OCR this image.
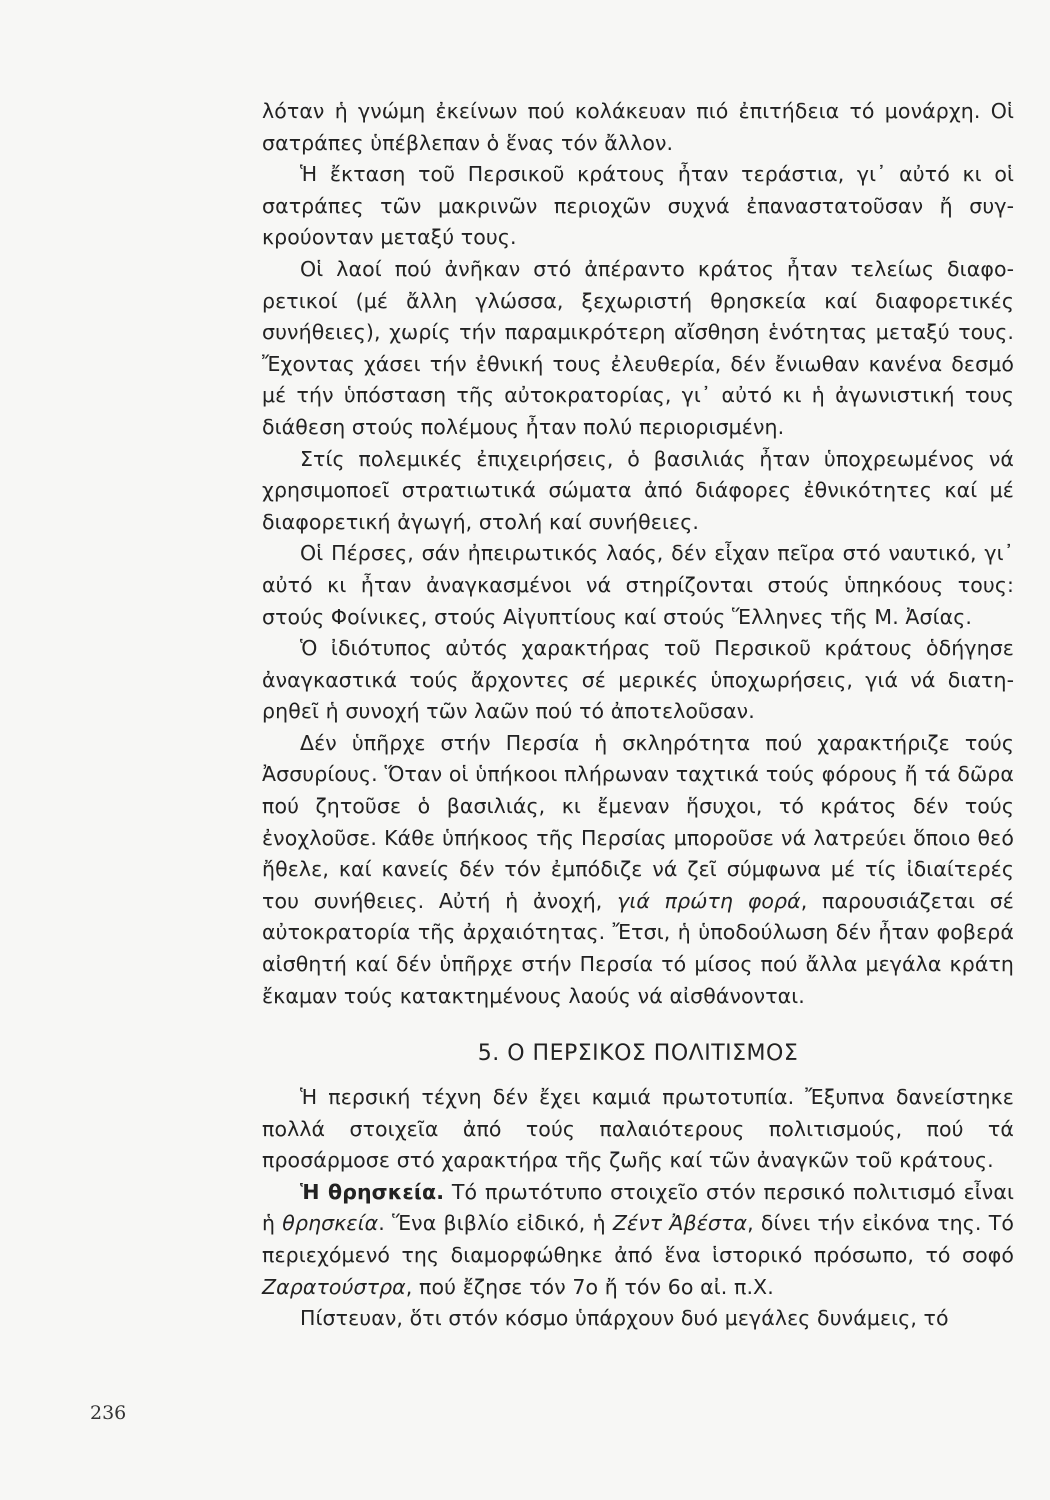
λόταν ἡ γνώμη ἐκείνων πού κολάκευαν πιό ἐπιτήδεια τό μονάρχη. Οἱ σατράπες ὑπέβλεπαν ὁ ἕνας τόν ἄλλον.

Ἡ ἔκταση τοῦ Περσικοῦ κράτους ἦταν τεράστια, γι᾽ αὐτό κι οἱ σατράπες τῶν μακρινῶν περιοχῶν συχνά ἐπαναστατοῦσαν ἤ συγκρούονταν μεταξύ τους.

Οἱ λαοί πού ἀνῆκαν στό ἀπέραντο κράτος ἦταν τελείως διαφορετικοί (μέ ἄλλη γλώσσα, ξεχωριστή θρησκεία καί διαφορετικές συνήθειες), χωρίς τήν παραμικρότερη αἴσθηση ἑνότητας μεταξύ τους. Ἔχοντας χάσει τήν ἐθνική τους ἐλευθερία, δέν ἔνιωθαν κανένα δεσμό μέ τήν ὑπόσταση τῆς αὐτοκρατορίας, γι᾽ αὐτό κι ἡ ἀγωνιστική τους διάθεση στούς πολέμους ἦταν πολύ περιορισμένη.

Στίς πολεμικές ἐπιχειρήσεις, ὁ βασιλιάς ἦταν ὑποχρεωμένος νά χρησιμοποεῖ στρατιωτικά σώματα ἀπό διάφορες ἐθνικότητες καί μέ διαφορετική ἀγωγή, στολή καί συνήθειες.

Οἱ Πέρσες, σάν ἠπειρωτικός λαός, δέν εἶχαν πεῖρα στό ναυτικό, γι᾽ αὐτό κι ἦταν ἀναγκασμένοι νά στηρίζονται στούς ὑπηκόους τους: στούς Φοίνικες, στούς Αἰγυπτίους καί στούς Ἕλληνες τῆς Μ. Ἀσίας.

Ὁ ἰδιότυπος αὐτός χαρακτήρας τοῦ Περσικοῦ κράτους ὁδήγησε ἀναγκαστικά τούς ἄρχοντες σέ μερικές ὑποχωρήσεις, γιά νά διατηρηθεῖ ἡ συνοχή τῶν λαῶν πού τό ἀποτελοῦσαν.

Δέν ὑπῆρχε στήν Περσία ἡ σκληρότητα πού χαρακτήριζε τούς Ἀσσυρίους. Ὅταν οἱ ὑπήκοοι πλήρωναν ταχτικά τούς φόρους ἤ τά δῶρα πού ζητοῦσε ὁ βασιλιάς, κι ἔμεναν ἥσυχοι, τό κράτος δέν τούς ἐνοχλοῦσε. Κάθε ὑπήκοος τῆς Περσίας μποροῦσε νά λατρεύει ὅποιο θεό ἤθελε, καί κανείς δέν τόν ἐμπόδιζε νά ζεῖ σύμφωνα μέ τίς ἰδιαίτερές του συνήθειες. Αὐτή ἡ ἀνοχή, γιά πρώτη φορά, παρουσιάζεται σέ αὐτοκρατορία τῆς ἀρχαιότητας. Ἔτσι, ἡ ὑποδούλωση δέν ἦταν φοβερά αἰσθητή καί δέν ὑπῆρχε στήν Περσία τό μίσος πού ἄλλα μεγάλα κράτη ἔκαμαν τούς κατακτημένους λαούς νά αἰσθάνονται.

5. Ο ΠΕΡΣΙΚΟΣ ΠΟΛΙΤΙΣΜΟΣ

Ἡ περσική τέχνη δέν ἔχει καμιά πρωτοτυπία. Ἔξυπνα δανείστηκε πολλά στοιχεῖα ἀπό τούς παλαιότερους πολιτισμούς, πού τά προσάρμοσε στό χαρακτήρα τῆς ζωῆς καί τῶν ἀναγκῶν τοῦ κράτους.

Ἡ θρησκεία. Τό πρωτότυπο στοιχεῖο στόν περσικό πολιτισμό εἶναι ἡ θρησκεία. Ἕνα βιβλίο εἰδικό, ἡ Ζέντ Ἀβέστα, δίνει τήν εἰκόνα της. Τό περιεχόμενό της διαμορφώθηκε ἀπό ἕνα ἱστορικό πρόσωπο, τό σοφό Ζαρατούστρα, πού ἔζησε τόν 7ο ἤ τόν 6ο αἰ. π.Χ.

Πίστευαν, ὅτι στόν κόσμο ὑπάρχουν δυό μεγάλες δυνάμεις, τό

236
